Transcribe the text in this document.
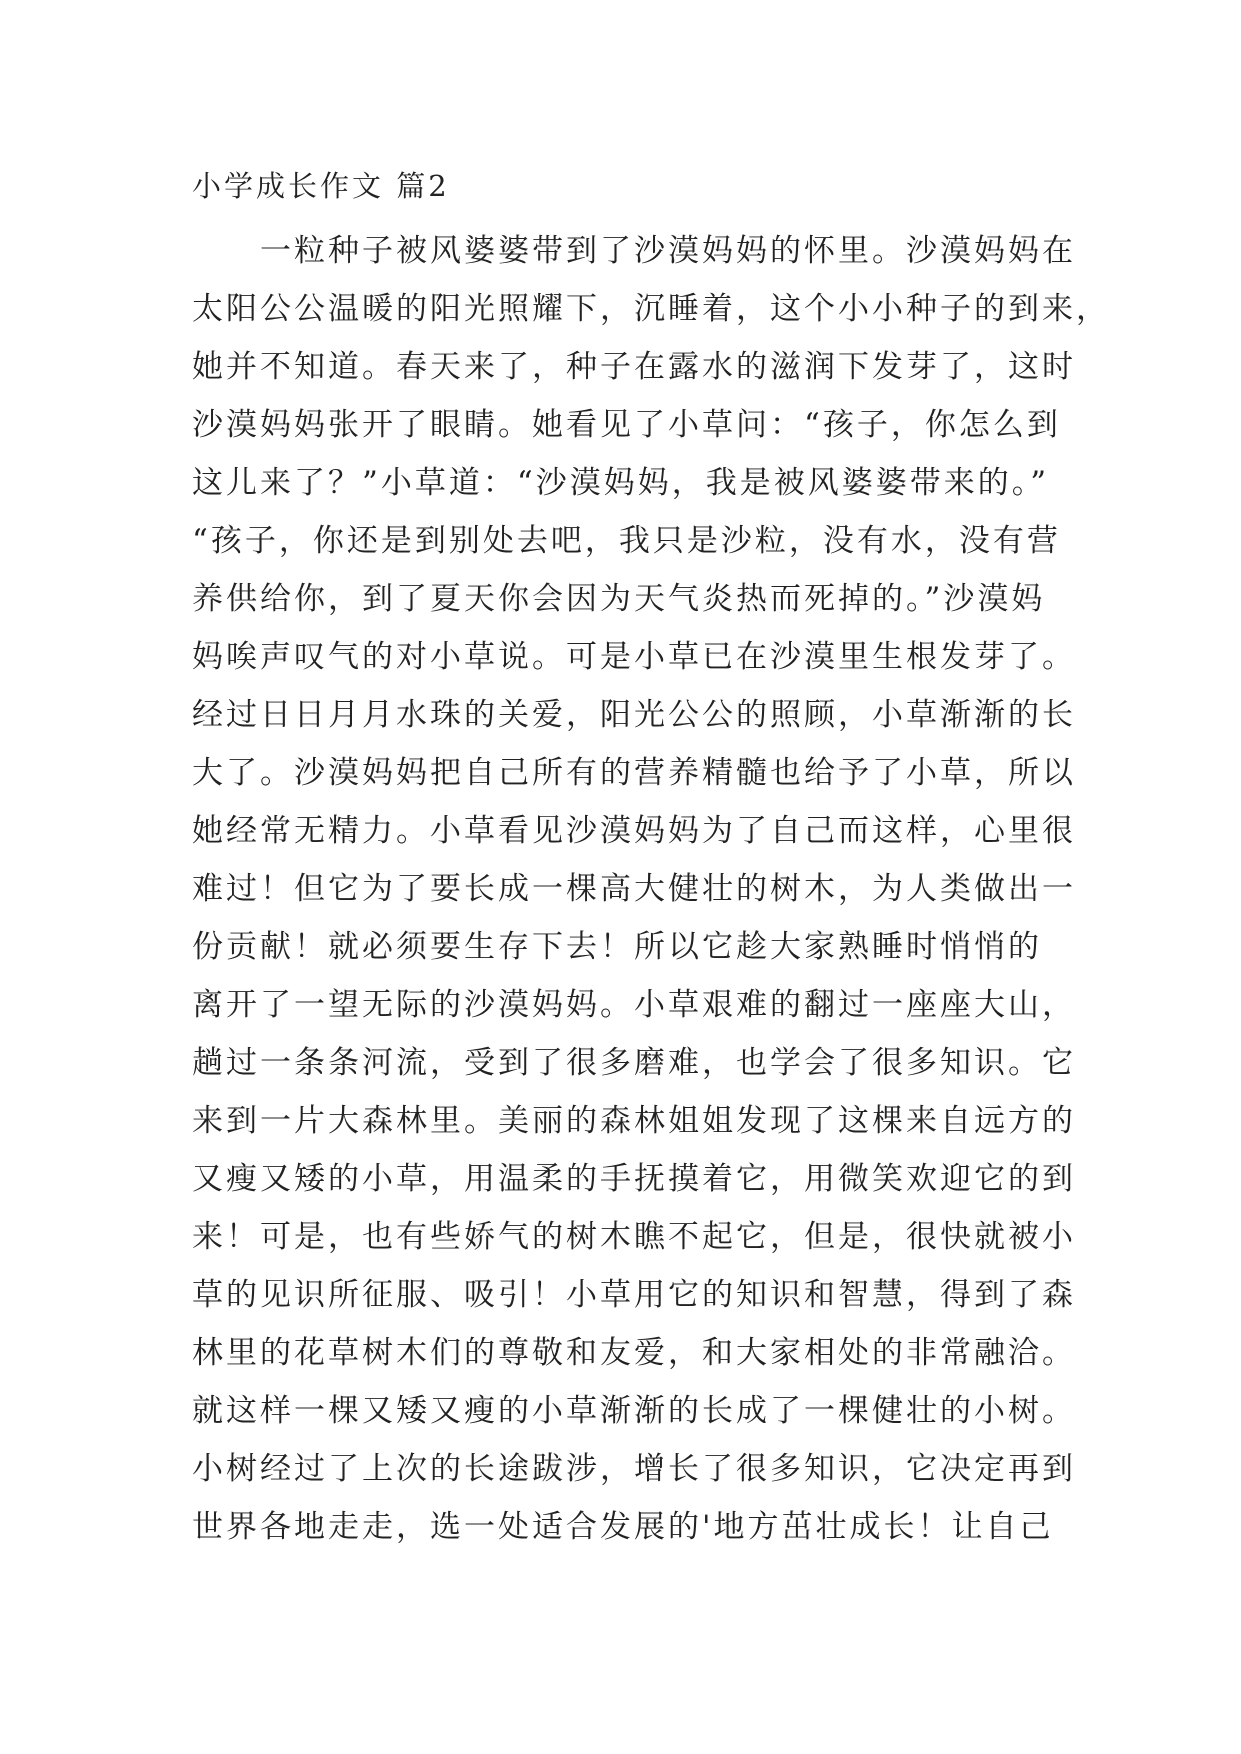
小学成长作文 篇2
　　一粒种子被风婆婆带到了沙漠妈妈的怀里。沙漠妈妈在
太阳公公温暖的阳光照耀下，沉睡着，这个小小种子的到来，
她并不知道。春天来了，种子在露水的滋润下发芽了，这时
沙漠妈妈张开了眼睛。她看见了小草问：“孩子，你怎么到
这儿来了？”小草道：“沙漠妈妈，我是被风婆婆带来的。”
“孩子，你还是到别处去吧，我只是沙粒，没有水，没有营
养供给你，到了夏天你会因为天气炎热而死掉的。”沙漠妈
妈唉声叹气的对小草说。可是小草已在沙漠里生根发芽了。
经过日日月月水珠的关爱，阳光公公的照顾，小草渐渐的长
大了。沙漠妈妈把自己所有的营养精髓也给予了小草，所以
她经常无精力。小草看见沙漠妈妈为了自己而这样，心里很
难过！但它为了要长成一棵高大健壮的树木，为人类做出一
份贡献！就必须要生存下去！所以它趁大家熟睡时悄悄的
离开了一望无际的沙漠妈妈。小草艰难的翻过一座座大山，
趟过一条条河流，受到了很多磨难，也学会了很多知识。它
来到一片大森林里。美丽的森林姐姐发现了这棵来自远方的
又瘦又矮的小草，用温柔的手抚摸着它，用微笑欢迎它的到
来！可是，也有些娇气的树木瞧不起它，但是，很快就被小
草的见识所征服、吸引！小草用它的知识和智慧，得到了森
林里的花草树木们的尊敬和友爱，和大家相处的非常融洽。
就这样一棵又矮又瘦的小草渐渐的长成了一棵健壮的小树。
小树经过了上次的长途跋涉，增长了很多知识，它决定再到
世界各地走走，选一处适合发展的'地方茁壮成长！让自己
